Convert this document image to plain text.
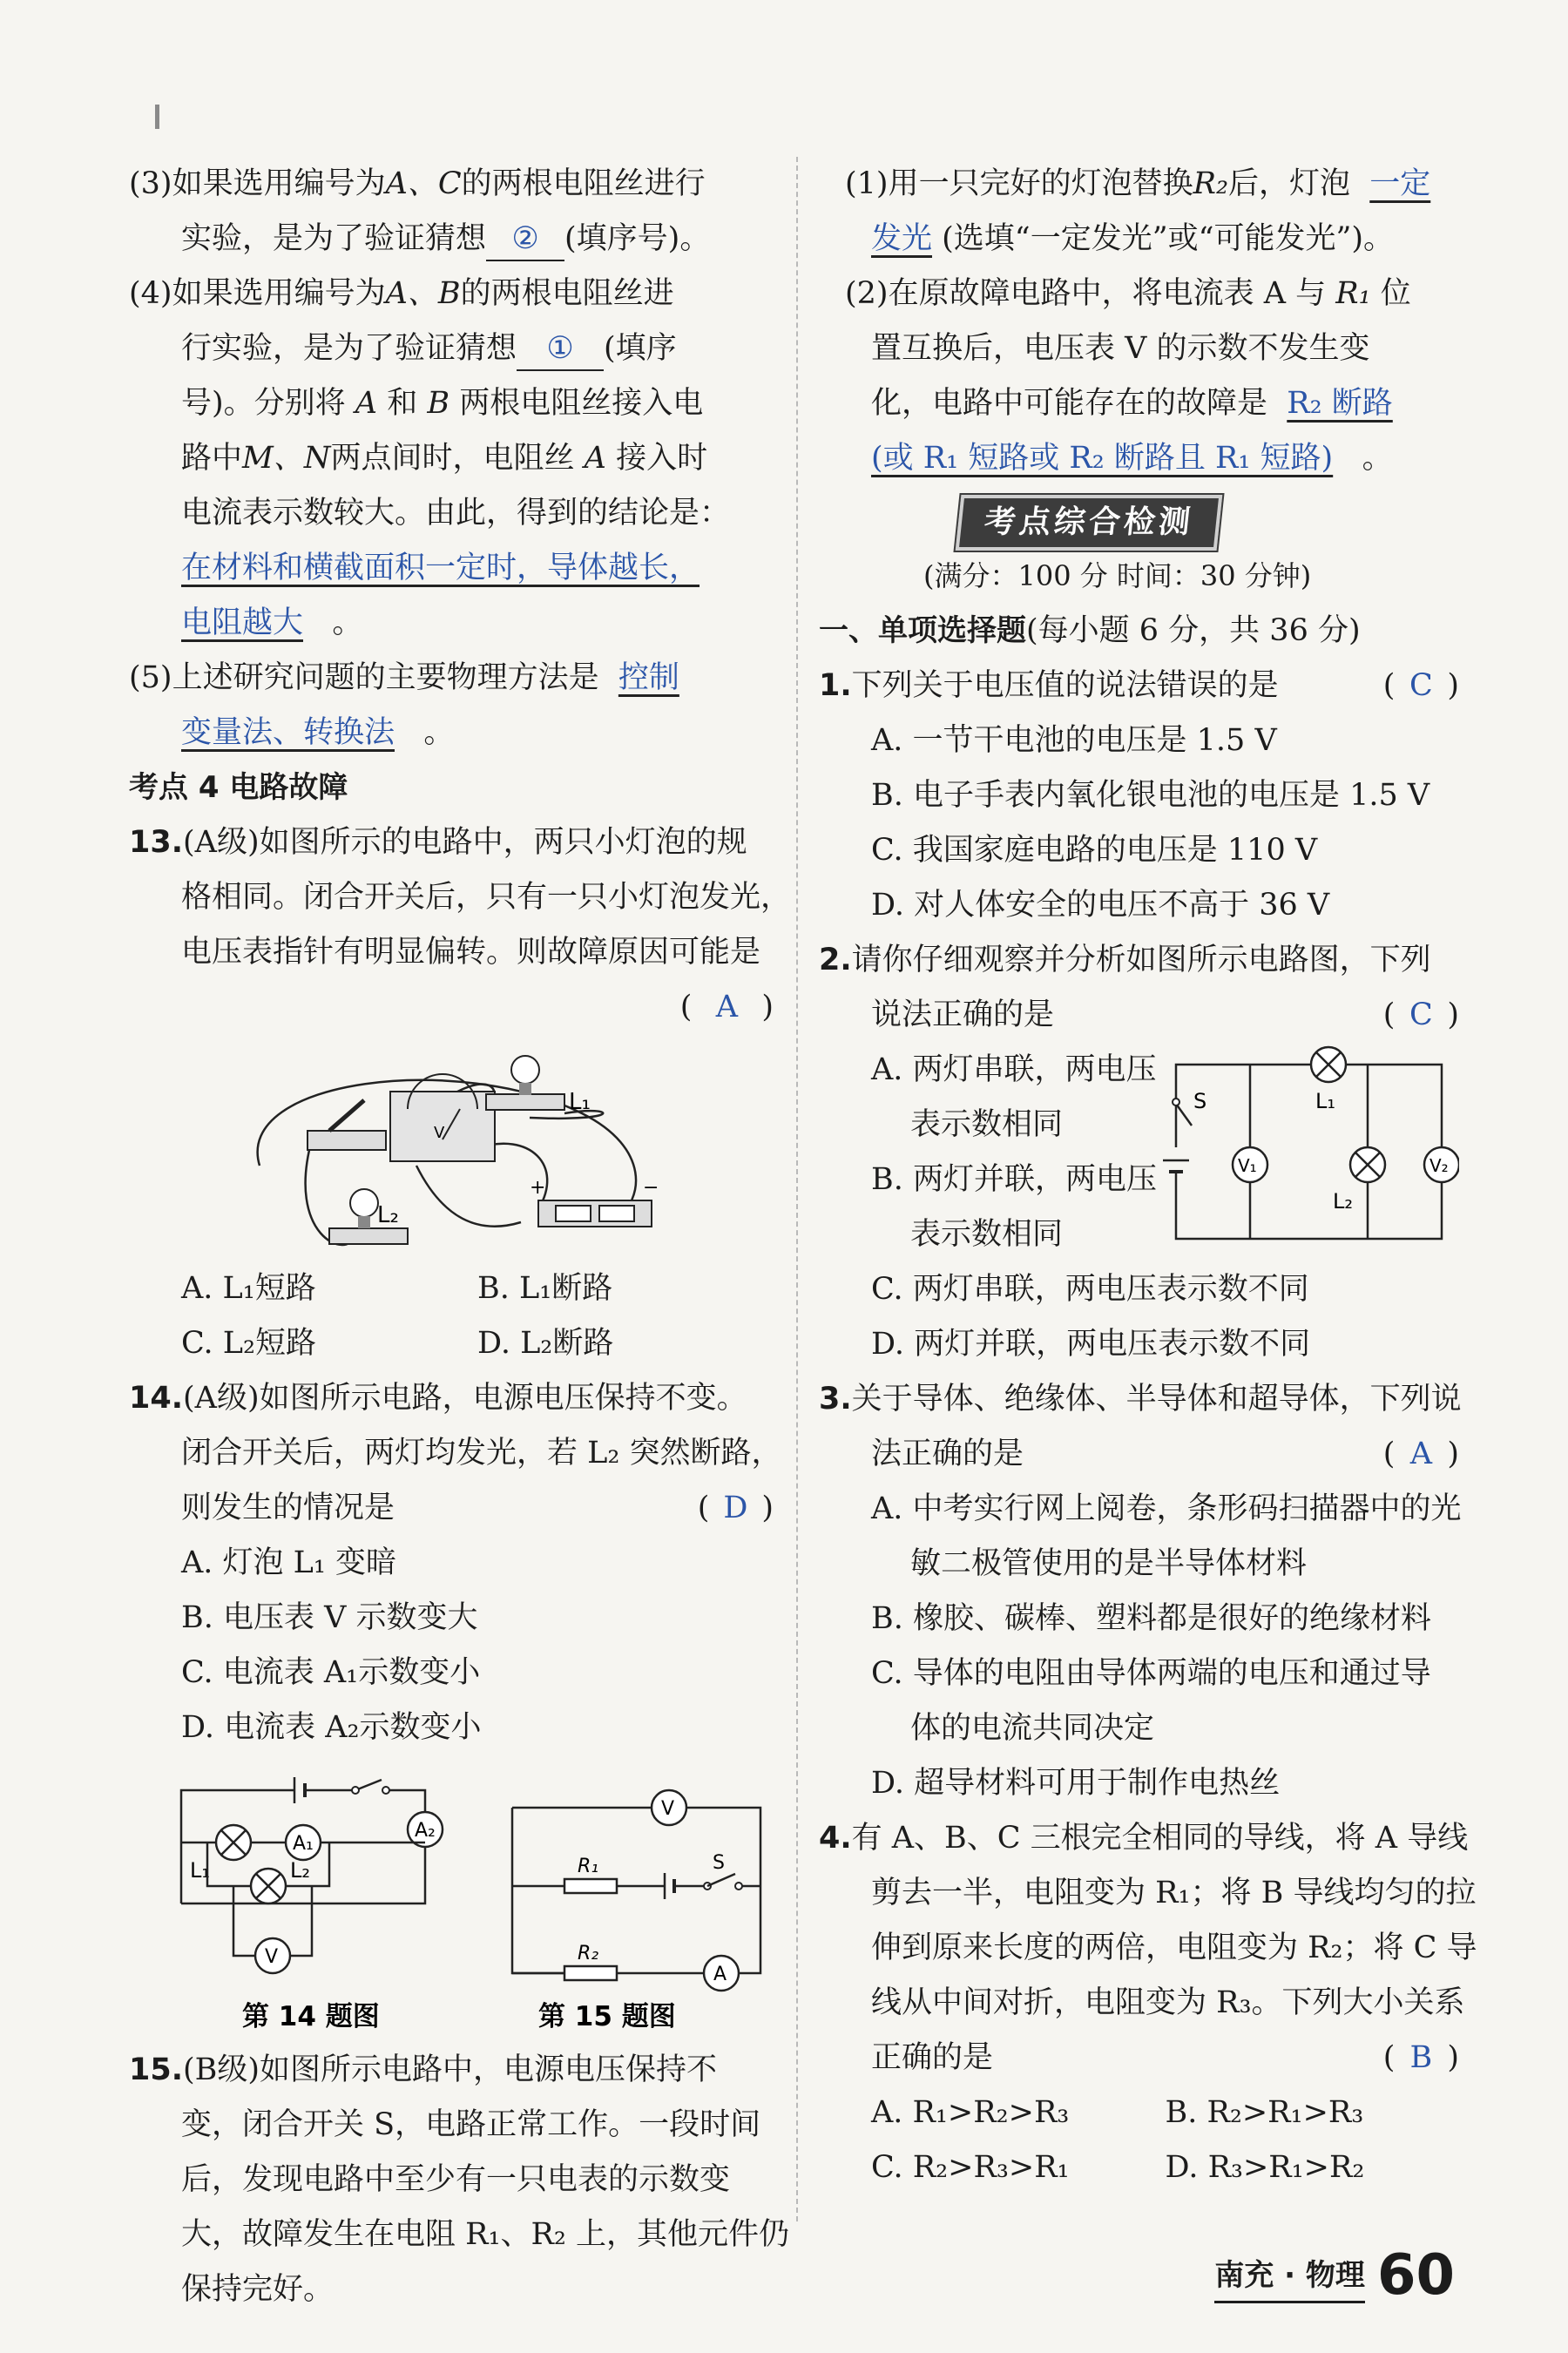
(3)如果选用编号为A、C的两根电阻丝进行
实验，是为了验证猜想 ② (填序号)。
(4)如果选用编号为A、B的两根电阻丝进
行实验，是为了验证猜想 ① (填序
号)。分别将 A 和 B 两根电阻丝接入电
路中M、N两点间时，电阻丝 A 接入时
电流表示数较大。由此，得到的结论是：
在材料和横截面积一定时，导体越长，
电阻越大 。
(5)上述研究问题的主要物理方法是 控制
变量法、转换法 。
考点 4 电路故障
13.(A级)如图所示的电路中，两只小灯泡的规
格相同。闭合开关后，只有一只小灯泡发光，
电压表指针有明显偏转。则故障原因可能是
( A )
V
L₁
L₂
+	−
A. L₁短路	B. L₁断路
C. L₂短路	D. L₂断路
14.(A级)如图所示电路，电源电压保持不变。
闭合开关后，两灯均发光，若 L₂ 突然断路，
则发生的情况是	( D )
A. 灯泡 L₁ 变暗
B. 电压表 V 示数变大
C. 电流表 A₁示数变小
D. 电流表 A₂示数变小
A₂
A₁
L₁	L₂
V
第 14 题图
V
R₁	S
R₂
A
第 15 题图
15.(B级)如图所示电路中，电源电压保持不
变，闭合开关 S，电路正常工作。一段时间
后，发现电路中至少有一只电表的示数变
大，故障发生在电阻 R₁、R₂ 上，其他元件仍
保持完好。
(1)用一只完好的灯泡替换R₂后，灯泡 一定
发光 (选填“一定发光”或“可能发光”)。
(2)在原故障电路中，将电流表 A 与 R₁ 位
置互换后，电压表 V 的示数不发生变
化，电路中可能存在的故障是 R₂ 断路
(或 R₁ 短路或 R₂ 断路且 R₁ 短路) 。
考点综合检测
(满分：100 分 时间：30 分钟)
一、单项选择题(每小题 6 分，共 36 分)
1.下列关于电压值的说法错误的是	( C )
A. 一节干电池的电压是 1.5 V
B. 电子手表内氧化银电池的电压是 1.5 V
C. 我国家庭电路的电压是 110 V
D. 对人体安全的电压不高于 36 V
2.请你仔细观察并分析如图所示电路图，下列
说法正确的是	( C )
A. 两灯串联，两电压
表示数相同
B. 两灯并联，两电压
表示数相同
S
V₁
L₁
L₂
V₂
C. 两灯串联，两电压表示数不同
D. 两灯并联，两电压表示数不同
3.关于导体、绝缘体、半导体和超导体，下列说
法正确的是	( A )
A. 中考实行网上阅卷，条形码扫描器中的光
敏二极管使用的是半导体材料
B. 橡胶、碳棒、塑料都是很好的绝缘材料
C. 导体的电阻由导体两端的电压和通过导
体的电流共同决定
D. 超导材料可用于制作电热丝
4.有 A、B、C 三根完全相同的导线，将 A 导线
剪去一半，电阻变为 R₁；将 B 导线均匀的拉
伸到原来长度的两倍，电阻变为 R₂；将 C 导
线从中间对折，电阻变为 R₃。下列大小关系
正确的是	( B )
A. R₁>R₂>R₃	B. R₂>R₁>R₃
C. R₂>R₃>R₁	D. R₃>R₁>R₂
南充 · 物理 60
